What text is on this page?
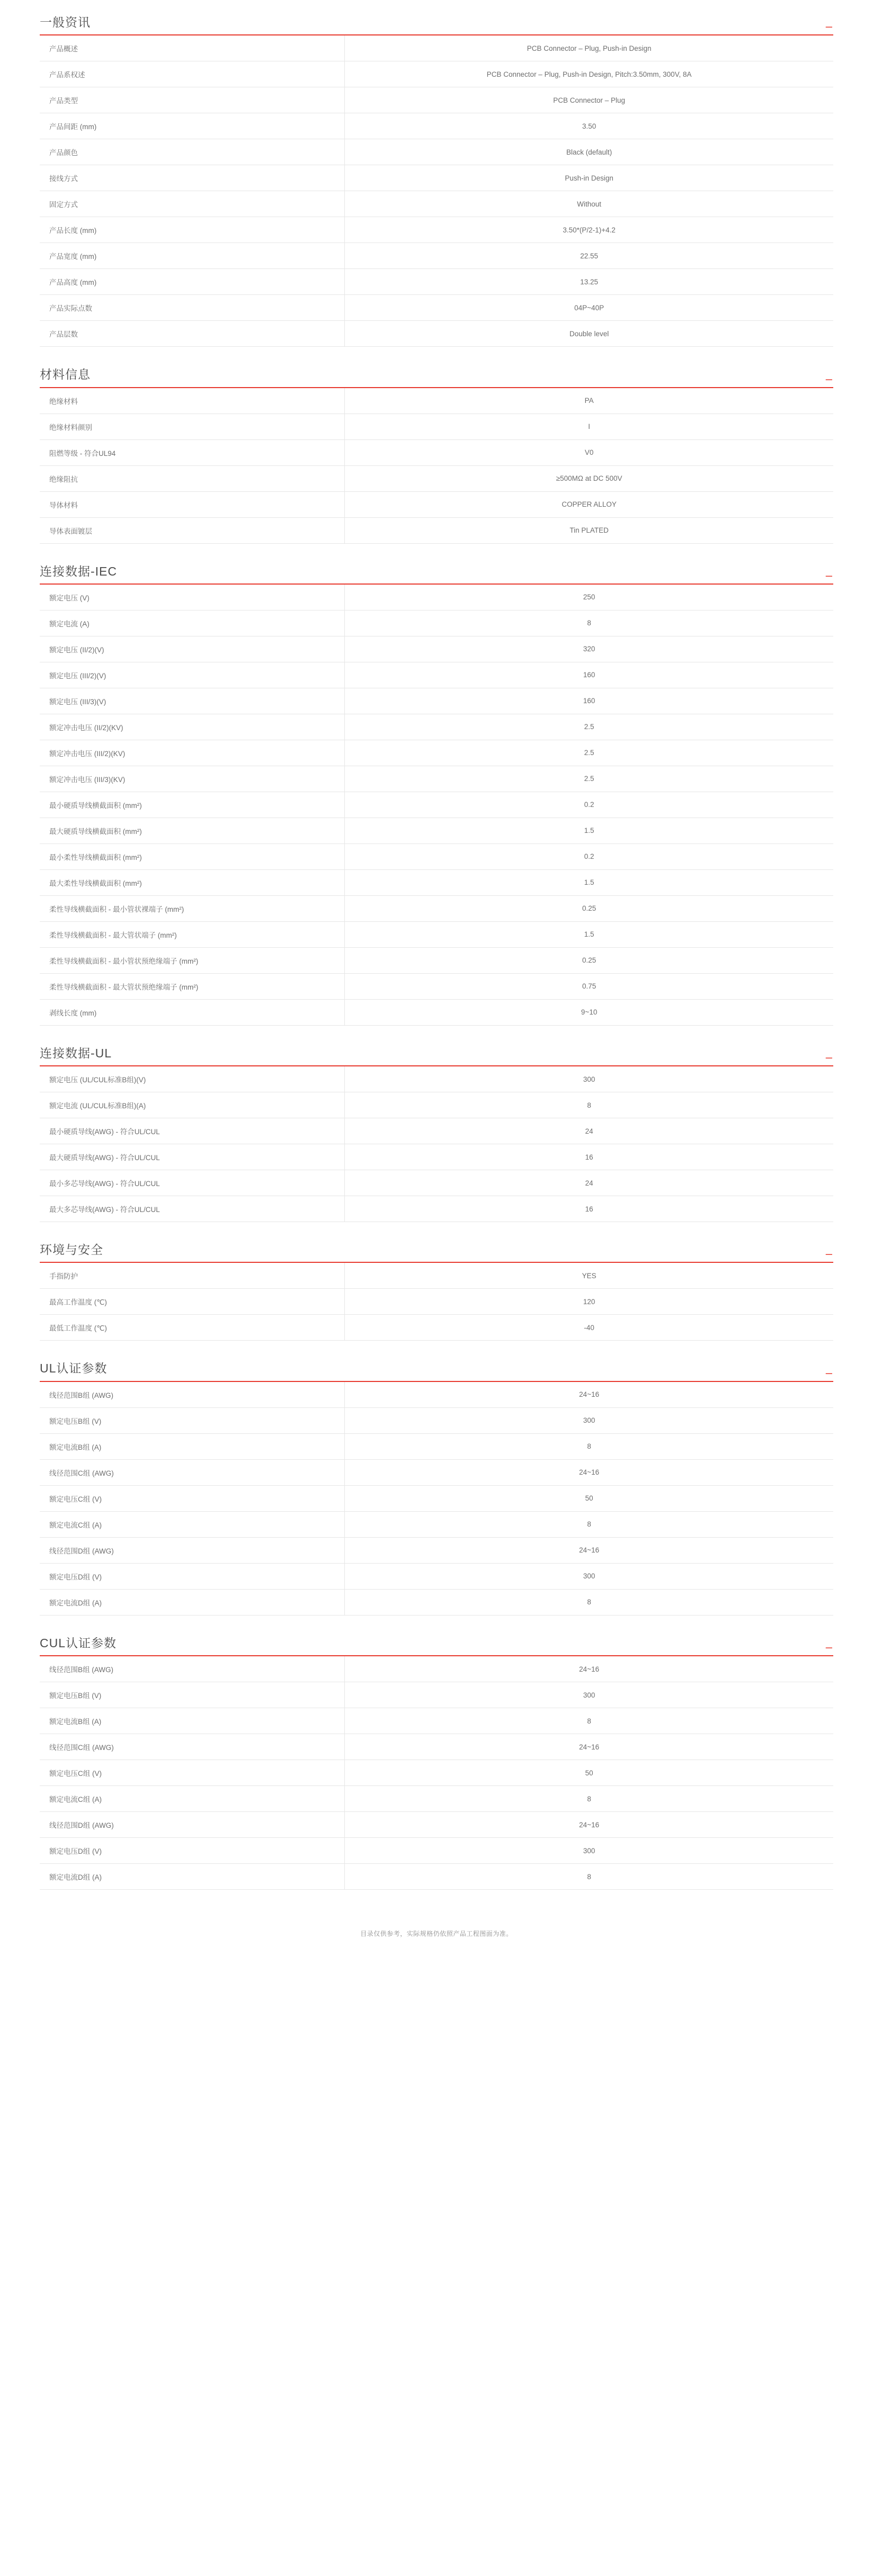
一般资讯	–
产品概述	PCB Connector – Plug, Push-in Design
产品系权述	PCB Connector – Plug, Push-in Design, Pitch:3.50mm, 300V, 8A
产品类型	PCB Connector – Plug
产品间距 (mm)	3.50
产品颜色	Black (default)
接线方式	Push-in Design
固定方式	Without
产品长度 (mm)	3.50*(P/2-1)+4.2
产品宽度 (mm)	22.55
产品高度 (mm)	13.25
产品实际点数	04P~40P
产品层数	Double level
材料信息	–
绝缘材料	PA
绝缘材料颜别	I
阻燃等级 - 符合UL94	V0
绝缘阻抗	≥500MΩ at DC 500V
导体材料	COPPER ALLOY
导体表面镀层	Tin PLATED
连接数据-IEC	–
额定电压 (V)	250
额定电流 (A)	8
额定电压 (II/2)(V)	320
额定电压 (III/2)(V)	160
额定电压 (III/3)(V)	160
额定冲击电压 (II/2)(KV)	2.5
额定冲击电压 (III/2)(KV)	2.5
额定冲击电压 (III/3)(KV)	2.5
最小硬质导线横截面积 (mm²)	0.2
最大硬质导线横截面积 (mm²)	1.5
最小柔性导线横截面积 (mm²)	0.2
最大柔性导线横截面积 (mm²)	1.5
柔性导线横截面积 - 最小管状裸端子 (mm²)	0.25
柔性导线横截面积 - 最大管状端子 (mm²)	1.5
柔性导线横截面积 - 最小管状预绝缘端子 (mm²)	0.25
柔性导线横截面积 - 最大管状预绝缘端子 (mm²)	0.75
剥线长度 (mm)	9~10
连接数据-UL	–
额定电压 (UL/CUL标准B组)(V)	300
额定电流 (UL/CUL标准B组)(A)	8
最小硬质导线(AWG) - 符合UL/CUL	24
最大硬质导线(AWG) - 符合UL/CUL	16
最小多芯导线(AWG) - 符合UL/CUL	24
最大多芯导线(AWG) - 符合UL/CUL	16
环境与安全	–
手指防护	YES
最高工作温度 (℃)	120
最低工作温度 (℃)	-40
UL认证参数	–
线径范围B组 (AWG)	24~16
额定电压B组 (V)	300
额定电流B组 (A)	8
线径范围C组 (AWG)	24~16
额定电压C组 (V)	50
额定电流C组 (A)	8
线径范围D组 (AWG)	24~16
额定电压D组 (V)	300
额定电流D组 (A)	8
CUL认证参数	–
线径范围B组 (AWG)	24~16
额定电压B组 (V)	300
额定电流B组 (A)	8
线径范围C组 (AWG)	24~16
额定电压C组 (V)	50
额定电流C组 (A)	8
线径范围D组 (AWG)	24~16
额定电压D组 (V)	300
额定电流D组 (A)	8
目录仅供参考，实际规格仍依照产品工程图面为准。
